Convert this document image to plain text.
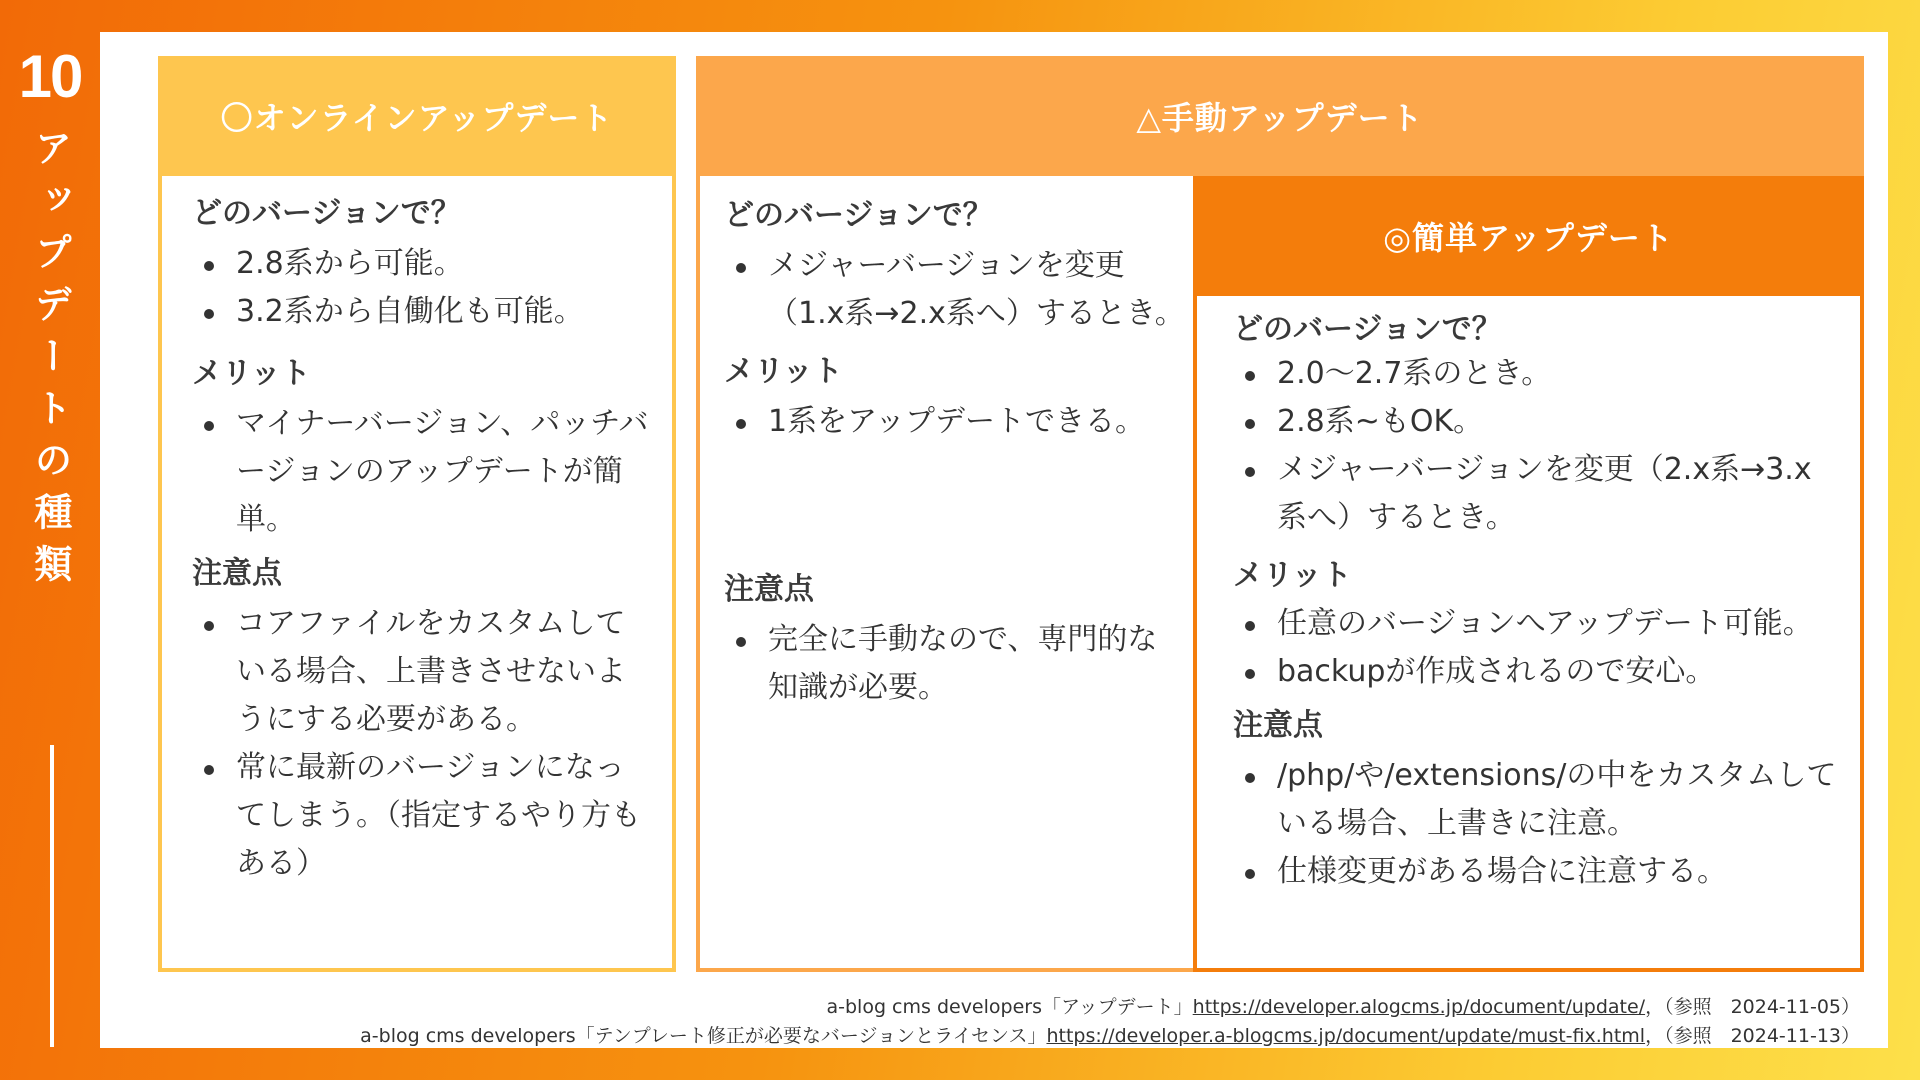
10
アップデートの種類
〇オンラインアップデート
どのバージョンで？
2.8系から可能。
3.2系から自働化も可能。
メリット
マイナーバージョン、パッチバージョンのアップデートが簡単。
注意点
コアファイルをカスタムしている場合、上書きさせないようにする必要がある。
常に最新のバージョンになってしまう。（指定するやり方もある）
△手動アップデート
どのバージョンで？
メジャーバージョンを変更（1.x系→2.x系へ）するとき。
メリット
1系をアップデートできる。
注意点
完全に手動なので、専門的な知識が必要。
◎簡単アップデート
どのバージョンで？
2.0〜2.7系のとき。
2.8系~もOK。
メジャーバージョンを変更（2.x系→3.x系へ）するとき。
メリット
任意のバージョンへアップデート可能。
backupが作成されるので安心。
注意点
/php/や/extensions/の中をカスタムしている場合、上書きに注意。
仕様変更がある場合に注意する。
a-blog cms developers「アップデート」https://developer.alogcms.jp/document/update/，（参照　2024-11-05）
a-blog cms developers「テンプレート修正が必要なバージョンとライセンス」https://developer.a-blogcms.jp/document/update/must-fix.html，（参照　2024-11-13）
